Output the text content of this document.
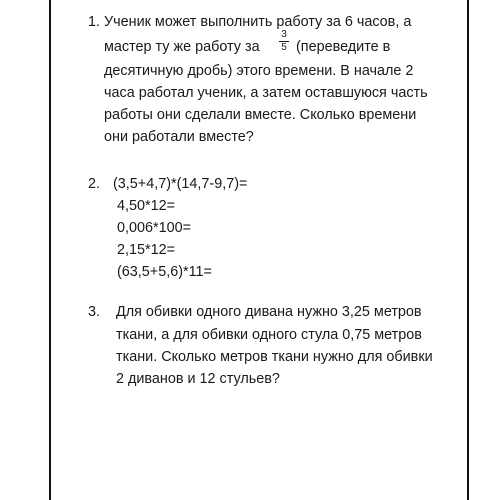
1. Ученик может выполнить работу за 6 часов, а
мастер ту же работу за
3
5 (переведите в
десятичную дробь) этого времени. В начале 2
часа работал ученик, а затем оставшуюся часть
работы они сделали вместе. Сколько времени
они работали вместе?
2. (3,5+4,7)*(14,7-9,7)=
4,50*12=
0,006*100=
2,15*12=
(63,5+5,6)*11=
3. Для обивки одного дивана нужно 3,25 метров
ткани, а для обивки одного стула 0,75 метров
ткани. Сколько метров ткани нужно для обивки
2 диванов и 12 стульев?
